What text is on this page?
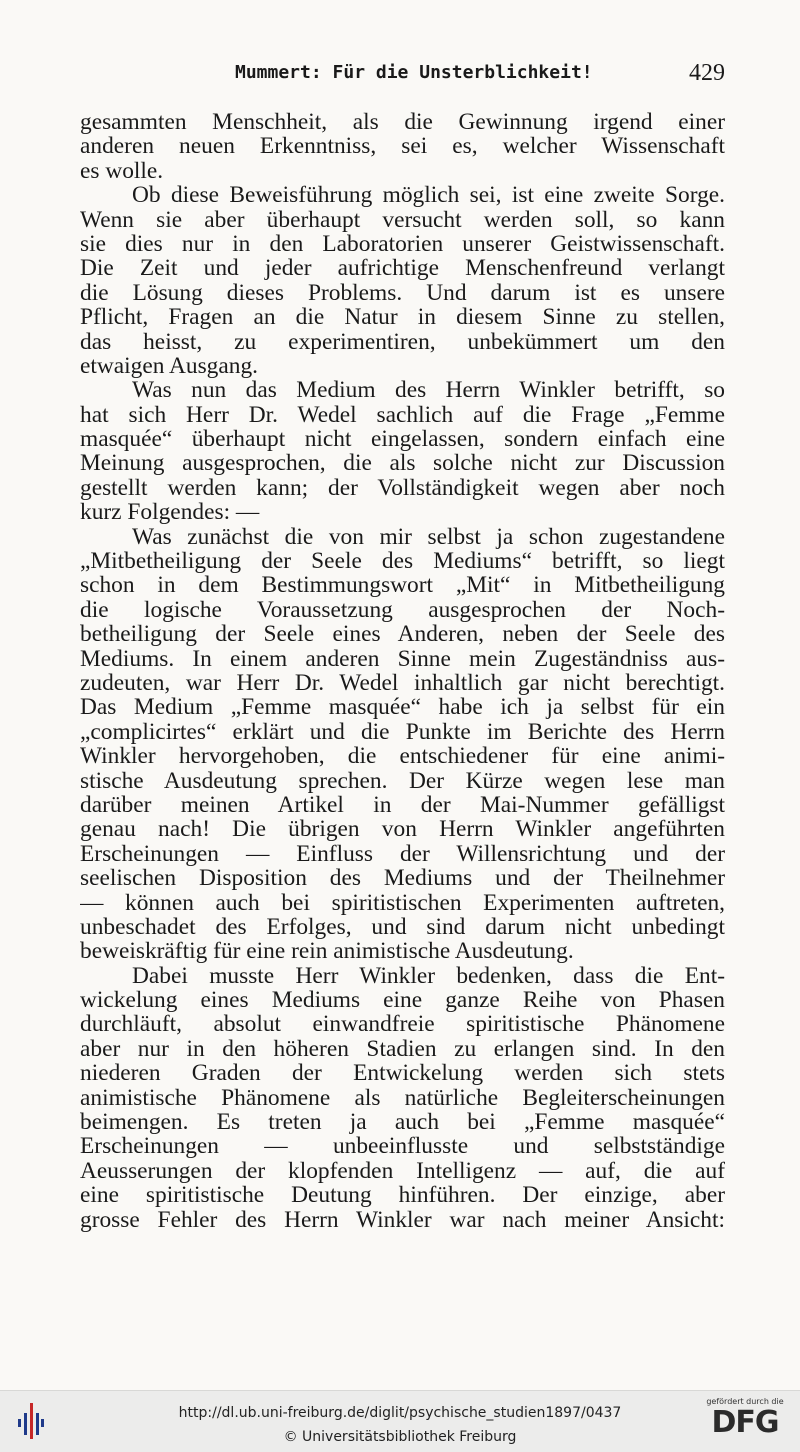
Mummert: Für die Unsterblichkeit!	429
gesammten Menschheit, als die Gewinnung irgend einer
anderen neuen Erkenntniss, sei es, welcher Wissenschaft
es wolle.
Ob diese Beweisführung möglich sei, ist eine zweite Sorge.
Wenn sie aber überhaupt versucht werden soll, so kann
sie dies nur in den Laboratorien unserer Geistwissenschaft.
Die Zeit und jeder aufrichtige Menschenfreund verlangt
die Lösung dieses Problems. Und darum ist es unsere
Pflicht, Fragen an die Natur in diesem Sinne zu stellen,
das heisst, zu experimentiren, unbekümmert um den
etwaigen Ausgang.
Was nun das Medium des Herrn Winkler betrifft, so
hat sich Herr Dr. Wedel sachlich auf die Frage „Femme
masquée“ überhaupt nicht eingelassen, sondern einfach eine
Meinung ausgesprochen, die als solche nicht zur Discussion
gestellt werden kann; der Vollständigkeit wegen aber noch
kurz Folgendes: —
Was zunächst die von mir selbst ja schon zugestandene
„Mitbetheiligung der Seele des Mediums“ betrifft, so liegt
schon in dem Bestimmungswort „Mit“ in Mitbetheiligung
die logische Voraussetzung ausgesprochen der Noch-
betheiligung der Seele eines Anderen, neben der Seele des
Mediums. In einem anderen Sinne mein Zugeständniss aus-
zudeuten, war Herr Dr. Wedel inhaltlich gar nicht berechtigt.
Das Medium „Femme masquée“ habe ich ja selbst für ein
„complicirtes“ erklärt und die Punkte im Berichte des Herrn
Winkler hervorgehoben, die entschiedener für eine animi-
stische Ausdeutung sprechen. Der Kürze wegen lese man
darüber meinen Artikel in der Mai-Nummer gefälligst
genau nach! Die übrigen von Herrn Winkler angeführten
Erscheinungen — Einfluss der Willensrichtung und der
seelischen Disposition des Mediums und der Theilnehmer
— können auch bei spiritistischen Experimenten auftreten,
unbeschadet des Erfolges, und sind darum nicht unbedingt
beweiskräftig für eine rein animistische Ausdeutung.
Dabei musste Herr Winkler bedenken, dass die Ent-
wickelung eines Mediums eine ganze Reihe von Phasen
durchläuft, absolut einwandfreie spiritistische Phänomene
aber nur in den höheren Stadien zu erlangen sind. In den
niederen Graden der Entwickelung werden sich stets
animistische Phänomene als natürliche Begleiterscheinungen
beimengen. Es treten ja auch bei „Femme masquée“
Erscheinungen — unbeeinflusste und selbstständige
Aeusserungen der klopfenden Intelligenz — auf, die auf
eine spiritistische Deutung hinführen. Der einzige, aber
grosse Fehler des Herrn Winkler war nach meiner Ansicht:
http://dl.ub.uni-freiburg.de/diglit/psychische_studien1897/0437
© Universitätsbibliothek Freiburg
gefördert durch die
DFG
